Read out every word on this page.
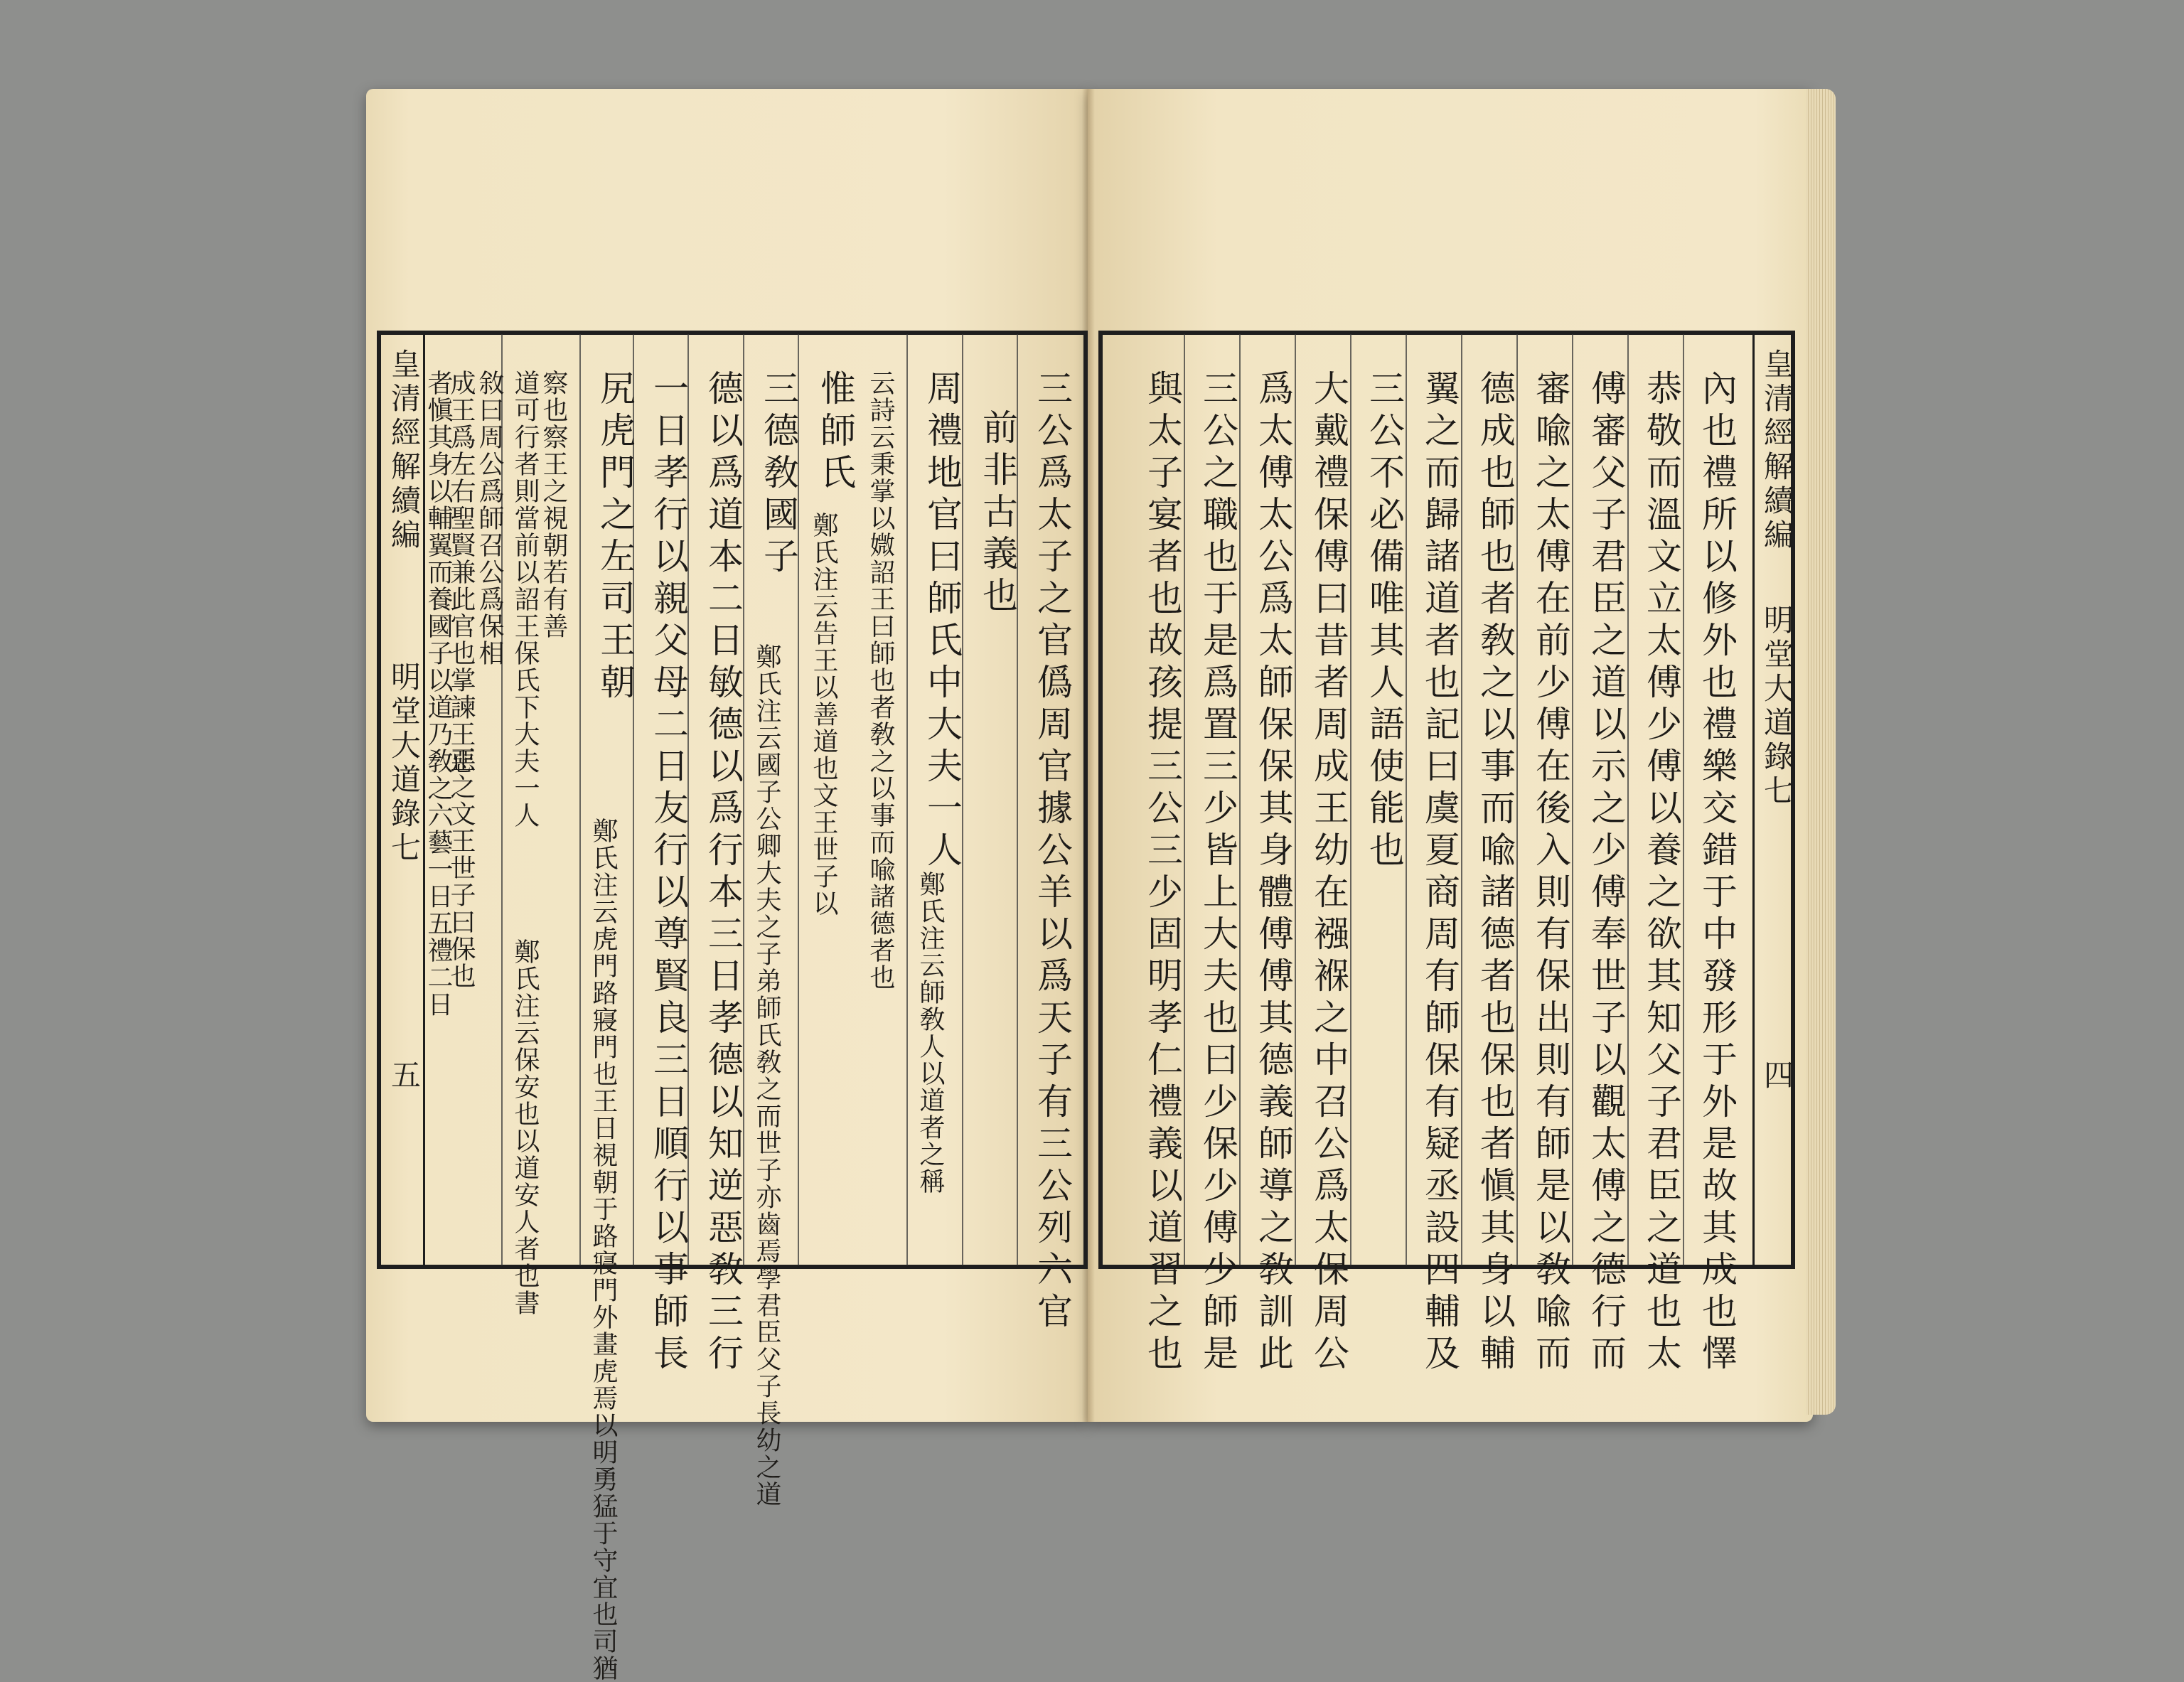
皇清經解續編
明堂大道錄七
五	三公爲太子之官僞周官據公羊以爲天子有三公列六官
前非古義也
周禮地官曰師氏中大夫一人
鄭氏注云師敎人以道者之稱
云詩云秉掌以媺詔王曰師也者敎之以事而喩諸德者也
惟師氏
鄭氏注云告王以善道也文王世子以
三德敎國子
鄭氏注云國子公卿大夫之子弟師氏敎之而世子亦齒焉學君臣父子長幼之道
德以爲道本二日敏德以爲行本三日孝德以知逆惡敎三行
一日孝行以親父母二日友行以尊賢良三日順行以事師長
尻虎門之左司王朝
鄭氏注云虎門路寢門也王日視朝于路寢門外畫虎焉以明勇猛于守宜也司猶
察也察王之視朝若有善
道可行者則當前以詔王保氏下大夫一人
鄭氏注云保安也以道安人者也書
敘曰周公爲師召公爲保相
成王爲左右聖賢兼此官也掌諫王惡
正之文王世子曰保也
者愼其身以輔翼而養國子以道乃敎之六藝一日五禮二日	皇清經解續編
明堂大道錄七
四
內也禮所以修外也禮樂交錯于中發形于外是故其成也懌
恭敬而溫文立太傅少傅以養之欲其知父子君臣之道也太
傅審父子君臣之道以示之少傅奉世子以觀太傅之德行而
審喩之太傅在前少傅在後入則有保出則有師是以敎喩而
德成也師也者敎之以事而喩諸德者也保也者愼其身以輔
翼之而歸諸道者也記曰虞夏商周有師保有疑丞設四輔及
三公不必備唯其人語使能也
大戴禮保傅曰昔者周成王幼在襁褓之中召公爲太保周公
爲太傅太公爲太師保保其身體傅傅其德義師導之敎訓此
三公之職也于是爲置三少皆上大夫也曰少保少傅少師是
與太子宴者也故孩提三公三少固明孝仁禮義以道習之也
